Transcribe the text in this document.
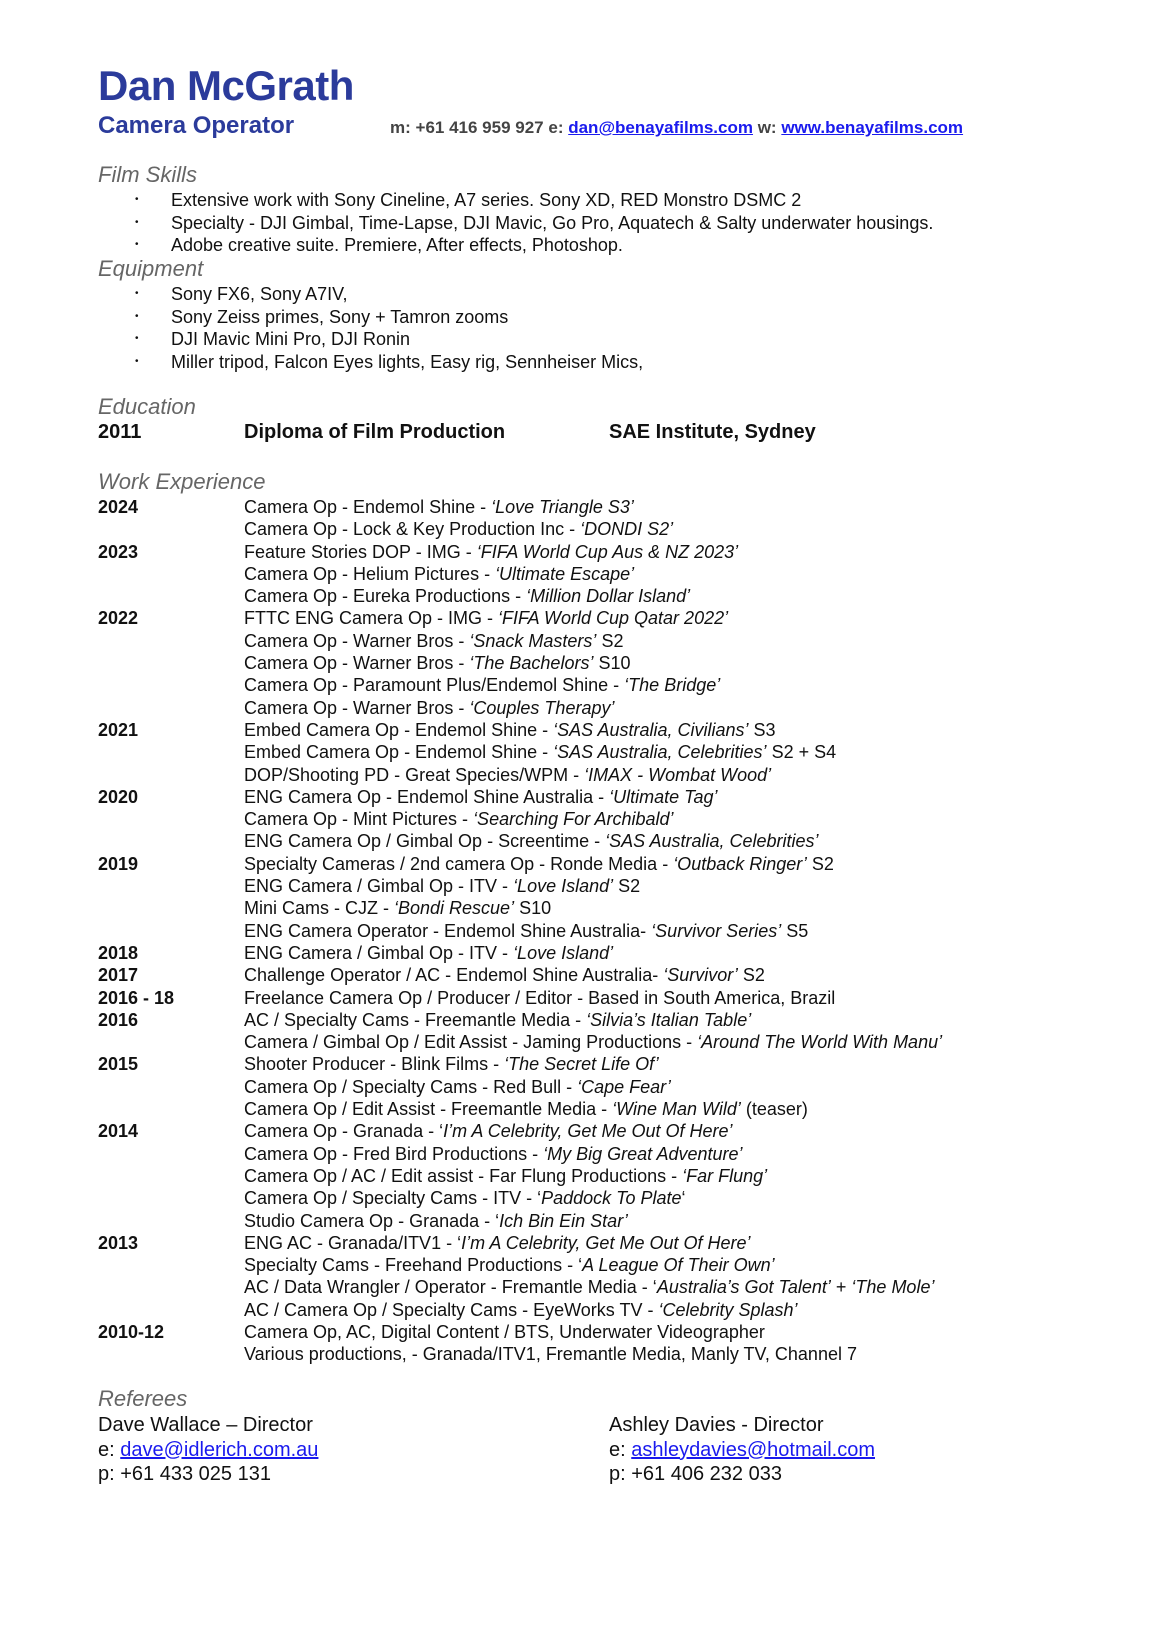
Dan McGrath
Camera Operator	m: +61 416 959 927 e: dan@benayafilms.com w: www.benayafilms.com
Film Skills
• Extensive work with Sony Cineline, A7 series. Sony XD, RED Monstro DSMC 2
• Specialty - DJI Gimbal, Time-Lapse, DJI Mavic, Go Pro, Aquatech & Salty underwater housings.
• Adobe creative suite. Premiere, After effects, Photoshop.
Equipment
• Sony FX6, Sony A7IV,
• Sony Zeiss primes, Sony + Tamron zooms
• DJI Mavic Mini Pro, DJI Ronin
• Miller tripod, Falcon Eyes lights, Easy rig, Sennheiser Mics,
Education
2011	Diploma of Film Production	SAE Institute, Sydney
Work Experience
2024	Camera Op - Endemol Shine - ‘Love Triangle S3’
Camera Op - Lock & Key Production Inc - ‘DONDI S2’
2023	Feature Stories DOP - IMG - ‘FIFA World Cup Aus & NZ 2023’
Camera Op - Helium Pictures - ‘Ultimate Escape’
Camera Op - Eureka Productions - ‘Million Dollar Island’
2022	FTTC ENG Camera Op - IMG - ‘FIFA World Cup Qatar 2022’
Camera Op - Warner Bros - ‘Snack Masters’ S2
Camera Op - Warner Bros - ‘The Bachelors’ S10
Camera Op - Paramount Plus/Endemol Shine - ‘The Bridge’
Camera Op - Warner Bros - ‘Couples Therapy’
2021	Embed Camera Op - Endemol Shine - ‘SAS Australia, Civilians’ S3
Embed Camera Op - Endemol Shine - ‘SAS Australia, Celebrities’ S2 + S4
DOP/Shooting PD - Great Species/WPM - ‘IMAX - Wombat Wood’
2020	ENG Camera Op - Endemol Shine Australia - ‘Ultimate Tag’
Camera Op - Mint Pictures - ‘Searching For Archibald’
ENG Camera Op / Gimbal Op - Screentime - ‘SAS Australia, Celebrities’
2019	Specialty Cameras / 2nd camera Op - Ronde Media - ‘Outback Ringer’ S2
ENG Camera / Gimbal Op - ITV - ‘Love Island’ S2
Mini Cams - CJZ - ‘Bondi Rescue’ S10
ENG Camera Operator - Endemol Shine Australia- ‘Survivor Series’ S5
2018	ENG Camera / Gimbal Op - ITV - ‘Love Island’
2017	Challenge Operator / AC - Endemol Shine Australia- ‘Survivor’ S2
2016 - 18	Freelance Camera Op / Producer / Editor - Based in South America, Brazil
2016	AC / Specialty Cams - Freemantle Media - ‘Silvia’s Italian Table’
Camera / Gimbal Op / Edit Assist - Jaming Productions - ‘Around The World With Manu’
2015	Shooter Producer - Blink Films - ‘The Secret Life Of’
Camera Op / Specialty Cams - Red Bull - ‘Cape Fear’
Camera Op / Edit Assist - Freemantle Media - ‘Wine Man Wild’ (teaser)
2014	Camera Op - Granada - ‘I’m A Celebrity, Get Me Out Of Here’
Camera Op - Fred Bird Productions - ‘My Big Great Adventure’
Camera Op / AC / Edit assist - Far Flung Productions - ‘Far Flung’
Camera Op / Specialty Cams - ITV - ‘Paddock To Plate‘
Studio Camera Op - Granada - ‘Ich Bin Ein Star’
2013	ENG AC - Granada/ITV1 - ‘I’m A Celebrity, Get Me Out Of Here’
Specialty Cams - Freehand Productions - ‘A League Of Their Own’
AC / Data Wrangler / Operator - Fremantle Media - ‘Australia’s Got Talent’ + ‘The Mole’
AC / Camera Op / Specialty Cams - EyeWorks TV - ‘Celebrity Splash’
2010-12	Camera Op, AC, Digital Content / BTS, Underwater Videographer
Various productions, - Granada/ITV1, Fremantle Media, Manly TV, Channel 7
Referees
Dave Wallace – Director
e: dave@idlerich.com.au
p: +61 433 025 131
Ashley Davies - Director
e: ashleydavies@hotmail.com
p: +61 406 232 033
